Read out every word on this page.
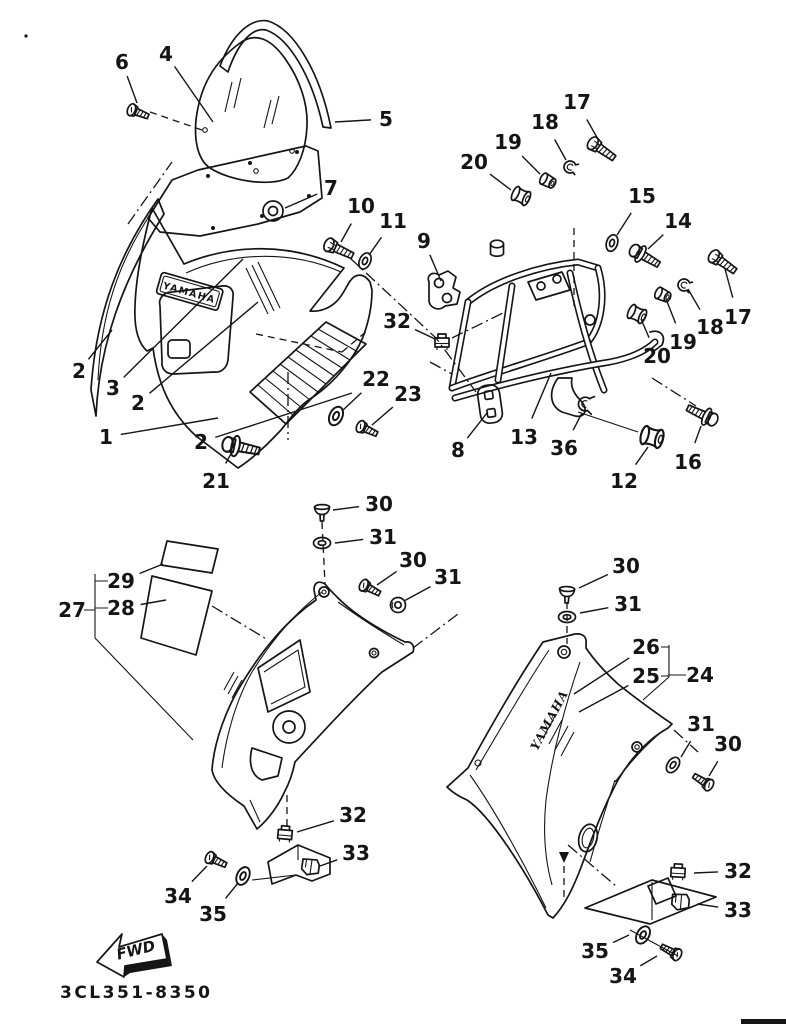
YAMAHA
YAMAHA
FWD
6 4
5
7
10
11
9
17
18
19
20
15
14
17
18
19
20
32
22
23
2
3
2
1	2
21
8
13 36
12
16
30
31
29
28
27
30
31	30
31
26
25 24
31
30
32
33
34
35
32
33
35
34
3CL351-8350
